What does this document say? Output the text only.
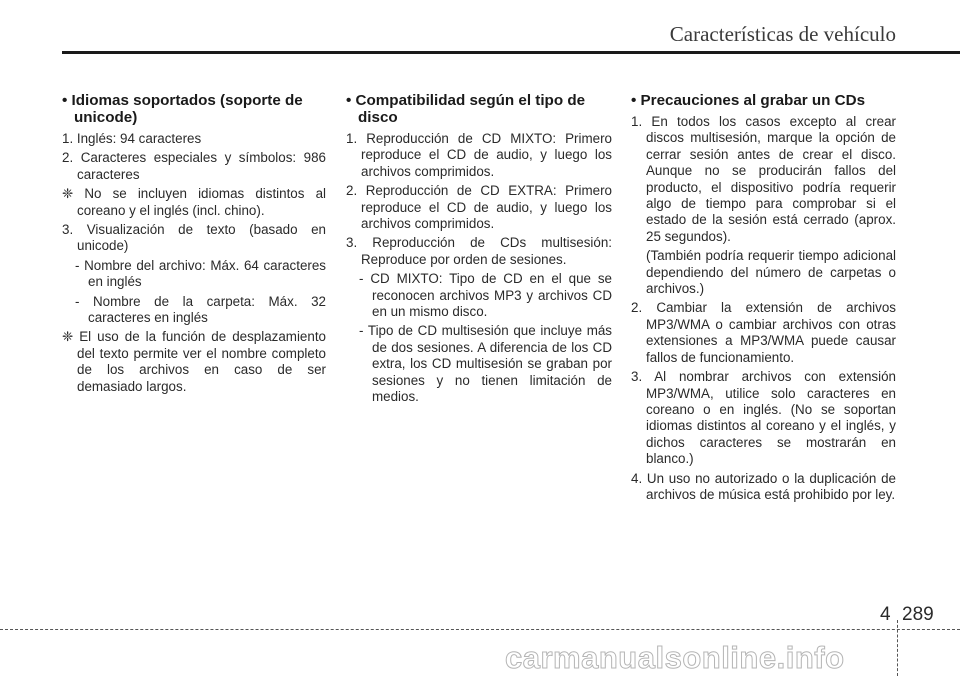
Características de vehículo
• Idiomas soportados (soporte de unicode)
1. Inglés: 94 caracteres
2. Caracteres especiales y símbolos: 986 caracteres
❈ No se incluyen idiomas distintos al coreano y el inglés (incl. chino).
3. Visualización de texto (basado en unicode)
- Nombre del archivo: Máx. 64 caracteres en inglés
- Nombre de la carpeta: Máx. 32 caracteres en inglés
❈ El uso de la función de desplazamiento del texto permite ver el nombre completo de los archivos en caso de ser demasiado largos.
• Compatibilidad según el tipo de disco
1. Reproducción de CD MIXTO: Primero reproduce el CD de audio, y luego los archivos comprimidos.
2. Reproducción de CD EXTRA: Primero reproduce el CD de audio, y luego los archivos comprimidos.
3. Reproducción de CDs multisesión: Reproduce por orden de sesiones.
- CD MIXTO: Tipo de CD en el que se reconocen archivos MP3 y archivos CD en un mismo disco.
- Tipo de CD multisesión que incluye más de dos sesiones. A diferencia de los CD extra, los CD multisesión se graban por sesiones y no tienen limitación de medios.
• Precauciones al grabar un CDs
1. En todos los casos excepto al crear discos multisesión, marque la opción de cerrar sesión antes de crear el disco. Aunque no se producirán fallos del producto, el dispositivo podría requerir algo de tiempo para comprobar si el estado de la sesión está cerrado (aprox. 25 segundos).
(También podría requerir tiempo adicional dependiendo del número de carpetas o archivos.)
2. Cambiar la extensión de archivos MP3/WMA o cambiar archivos con otras extensiones a MP3/WMA puede causar fallos de funcionamiento.
3. Al nombrar archivos con extensión MP3/WMA, utilice solo caracteres en coreano o en inglés. (No se soportan idiomas distintos al coreano y el inglés, y dichos caracteres se mostrarán en blanco.)
4. Un uso no autorizado o la duplicación de archivos de música está prohibido por ley.
4 289
carmanualsonline.info
